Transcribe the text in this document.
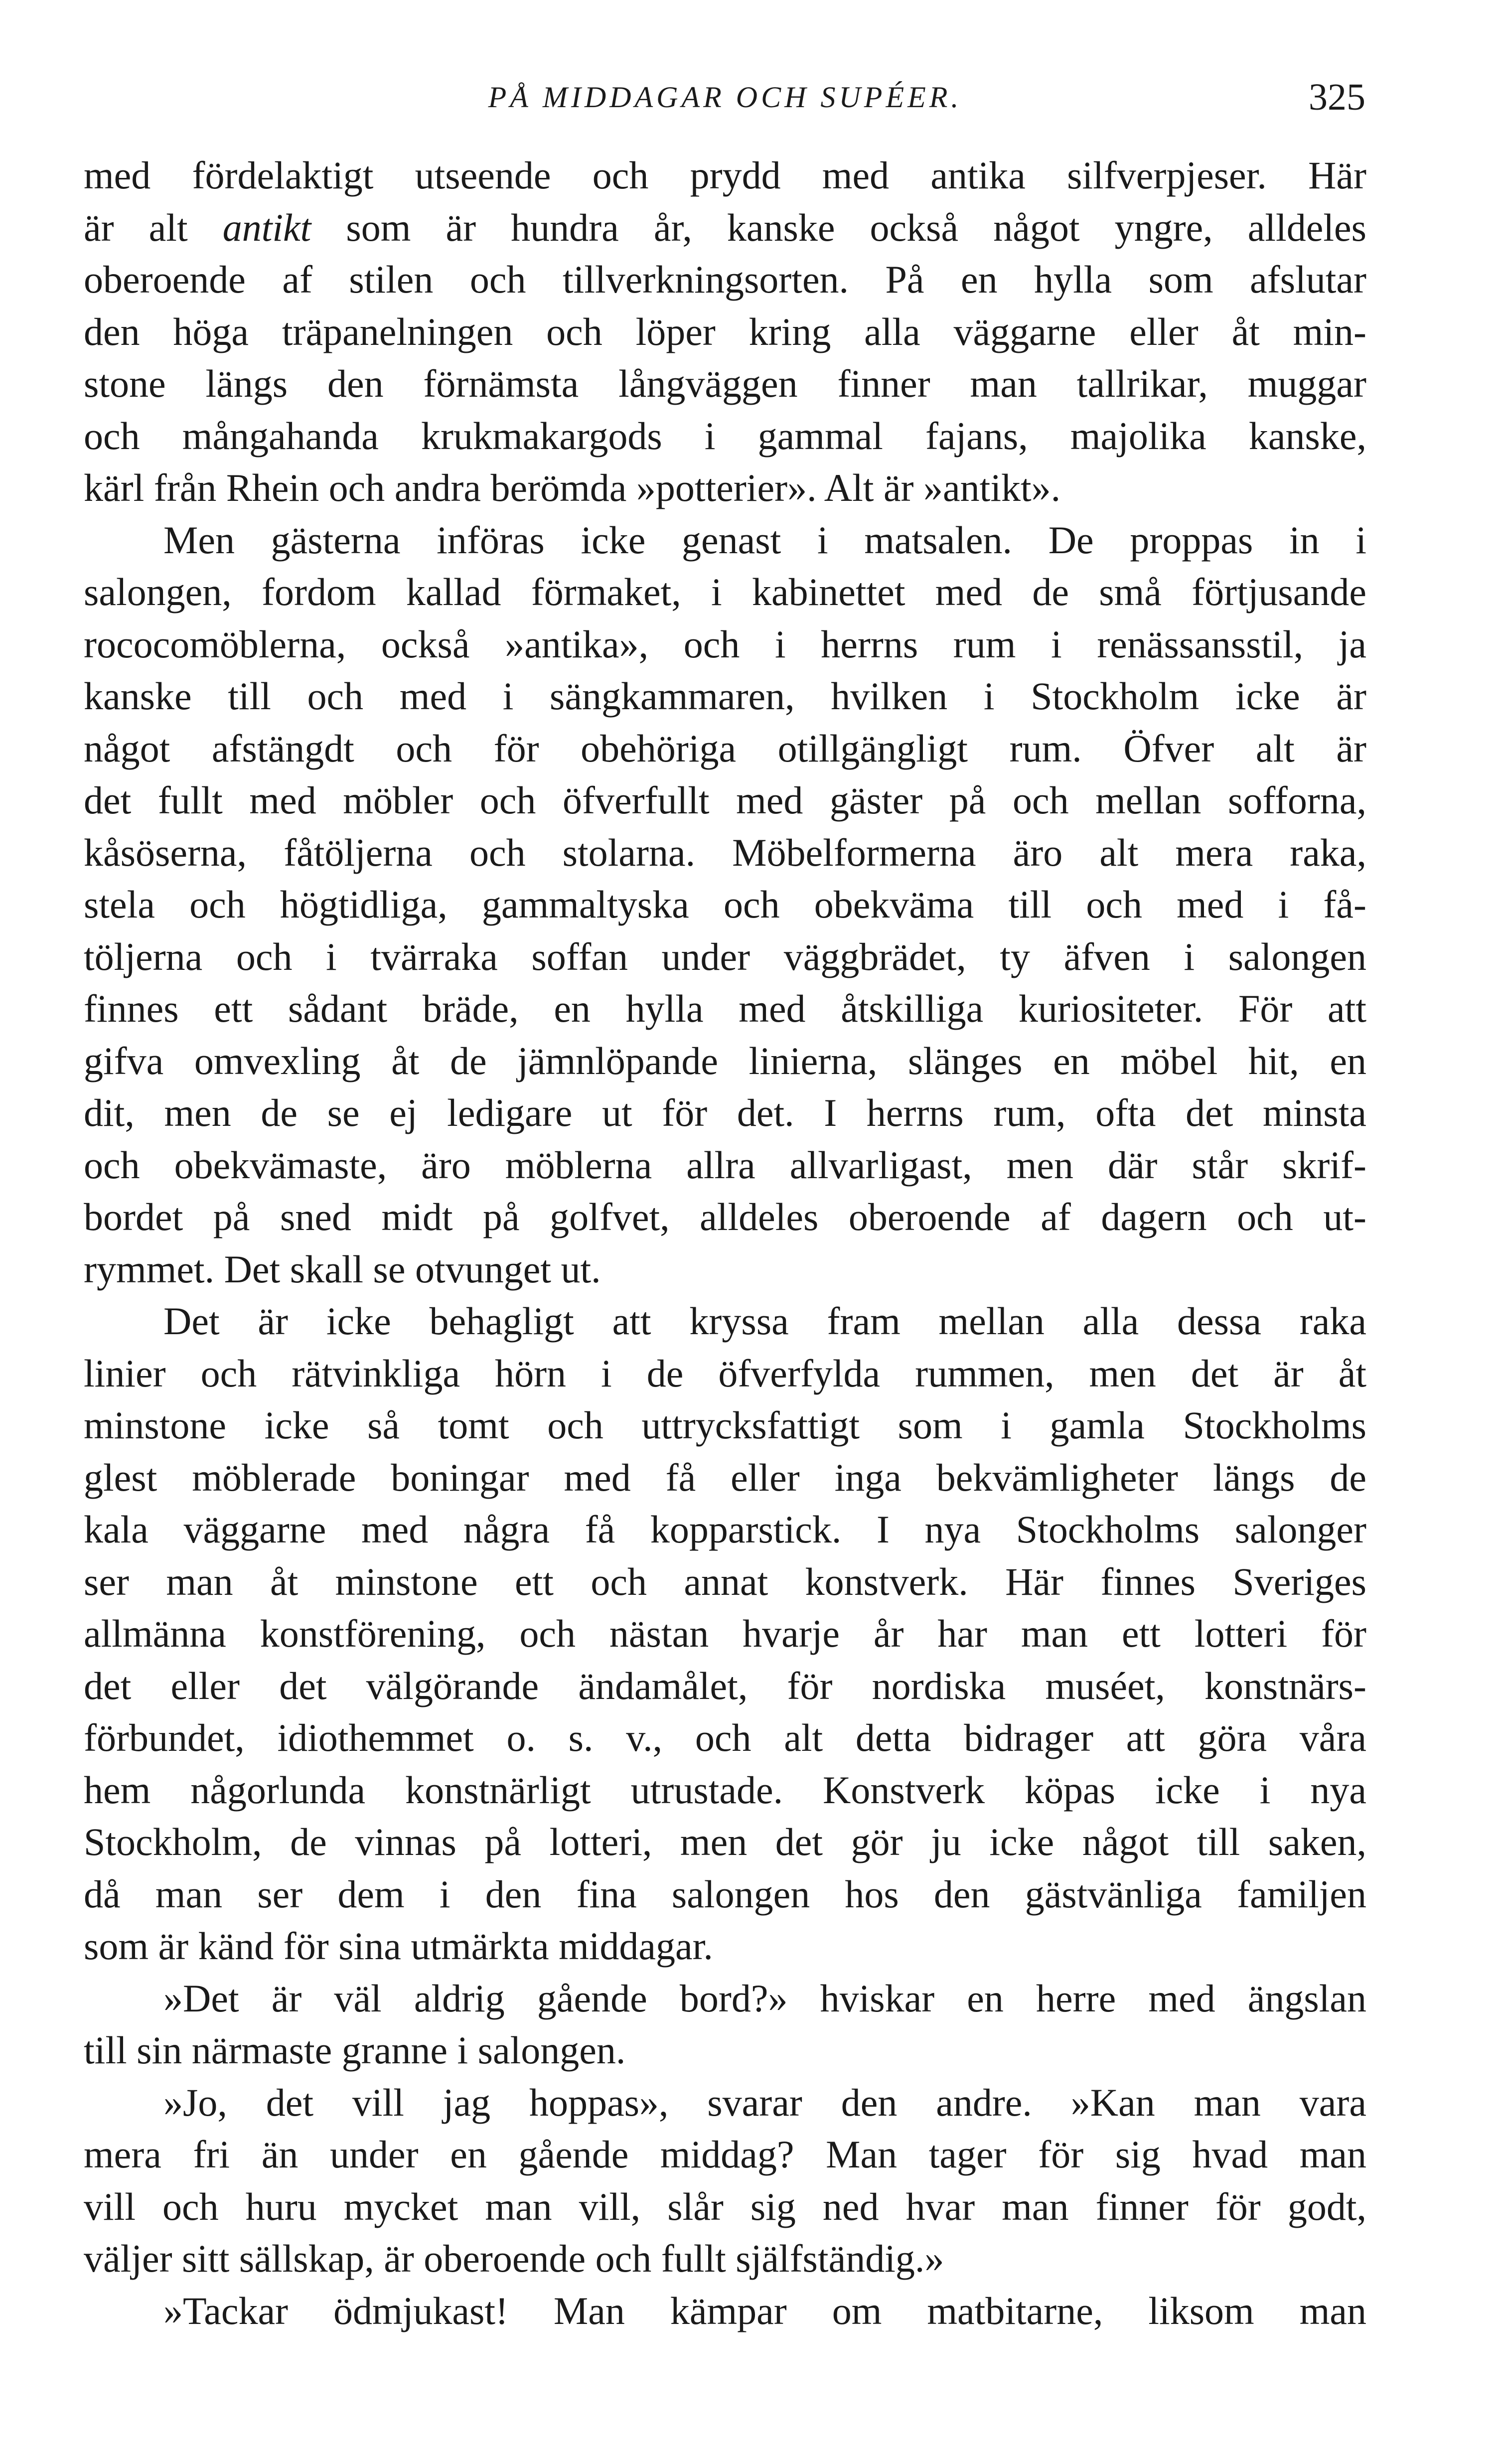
PÅ MIDDAGAR OCH SUPÉER.	325
med fördelaktigt utseende och prydd med antika silfverpjeser. Här
är alt antikt som är hundra år, kanske också något yngre, alldeles
oberoende af stilen och tillverkningsorten. På en hylla som afslutar
den höga träpanelningen och löper kring alla väggarne eller åt min-
stone längs den förnämsta långväggen finner man tallrikar, muggar
och mångahanda krukmakargods i gammal fajans, majolika kanske,
kärl från Rhein och andra berömda »potterier». Alt är »antikt».
Men gästerna införas icke genast i matsalen. De proppas in i
salongen, fordom kallad förmaket, i kabinettet med de små förtjusande
rococomöblerna, också »antika», och i herrns rum i renässansstil, ja
kanske till och med i sängkammaren, hvilken i Stockholm icke är
något afstängdt och för obehöriga otillgängligt rum. Öfver alt är
det fullt med möbler och öfverfullt med gäster på och mellan sofforna,
kåsöserna, fåtöljerna och stolarna. Möbelformerna äro alt mera raka,
stela och högtidliga, gammaltyska och obekväma till och med i få-
töljerna och i tvärraka soffan under väggbrädet, ty äfven i salongen
finnes ett sådant bräde, en hylla med åtskilliga kuriositeter. För att
gifva omvexling åt de jämnlöpande linierna, slänges en möbel hit, en
dit, men de se ej ledigare ut för det. I herrns rum, ofta det minsta
och obekvämaste, äro möblerna allra allvarligast, men där står skrif-
bordet på sned midt på golfvet, alldeles oberoende af dagern och ut-
rymmet. Det skall se otvunget ut.
Det är icke behagligt att kryssa fram mellan alla dessa raka
linier och rätvinkliga hörn i de öfverfylda rummen, men det är åt
minstone icke så tomt och uttrycksfattigt som i gamla Stockholms
glest möblerade boningar med få eller inga bekvämligheter längs de
kala väggarne med några få kopparstick. I nya Stockholms salonger
ser man åt minstone ett och annat konstverk. Här finnes Sveriges
allmänna konstförening, och nästan hvarje år har man ett lotteri för
det eller det välgörande ändamålet, för nordiska muséet, konstnärs-
förbundet, idiothemmet o. s. v., och alt detta bidrager att göra våra
hem någorlunda konstnärligt utrustade. Konstverk köpas icke i nya
Stockholm, de vinnas på lotteri, men det gör ju icke något till saken,
då man ser dem i den fina salongen hos den gästvänliga familjen
som är känd för sina utmärkta middagar.
»Det är väl aldrig gående bord?» hviskar en herre med ängslan
till sin närmaste granne i salongen.
»Jo, det vill jag hoppas», svarar den andre. »Kan man vara
mera fri än under en gående middag? Man tager för sig hvad man
vill och huru mycket man vill, slår sig ned hvar man finner för godt,
väljer sitt sällskap, är oberoende och fullt själfständig.»
»Tackar ödmjukast! Man kämpar om matbitarne, liksom man
